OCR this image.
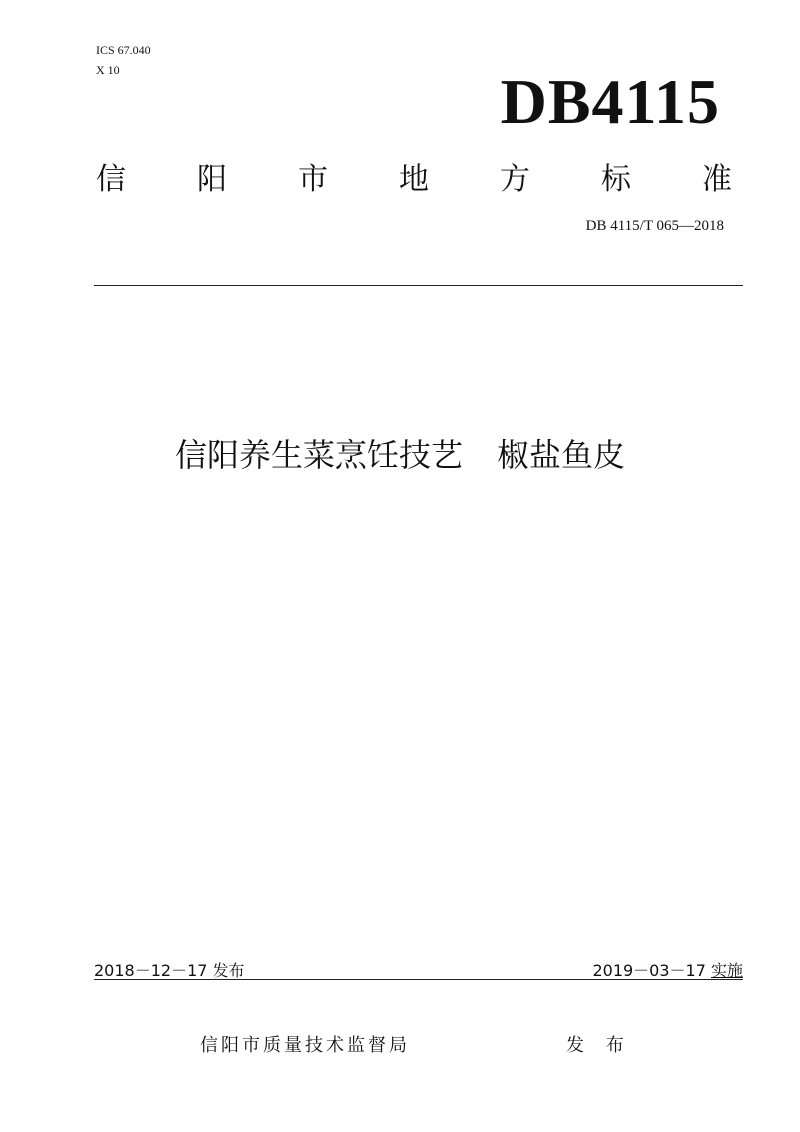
ICS 67.040
X 10	DB4115
信 阳 市 地 方 标 准
DB 4115/T 065—2018
信阳养生菜烹饪技艺 椒盐鱼皮
2018－12－17 发布	2019－03－17 实施
信阳市质量技术监督局	发 布
